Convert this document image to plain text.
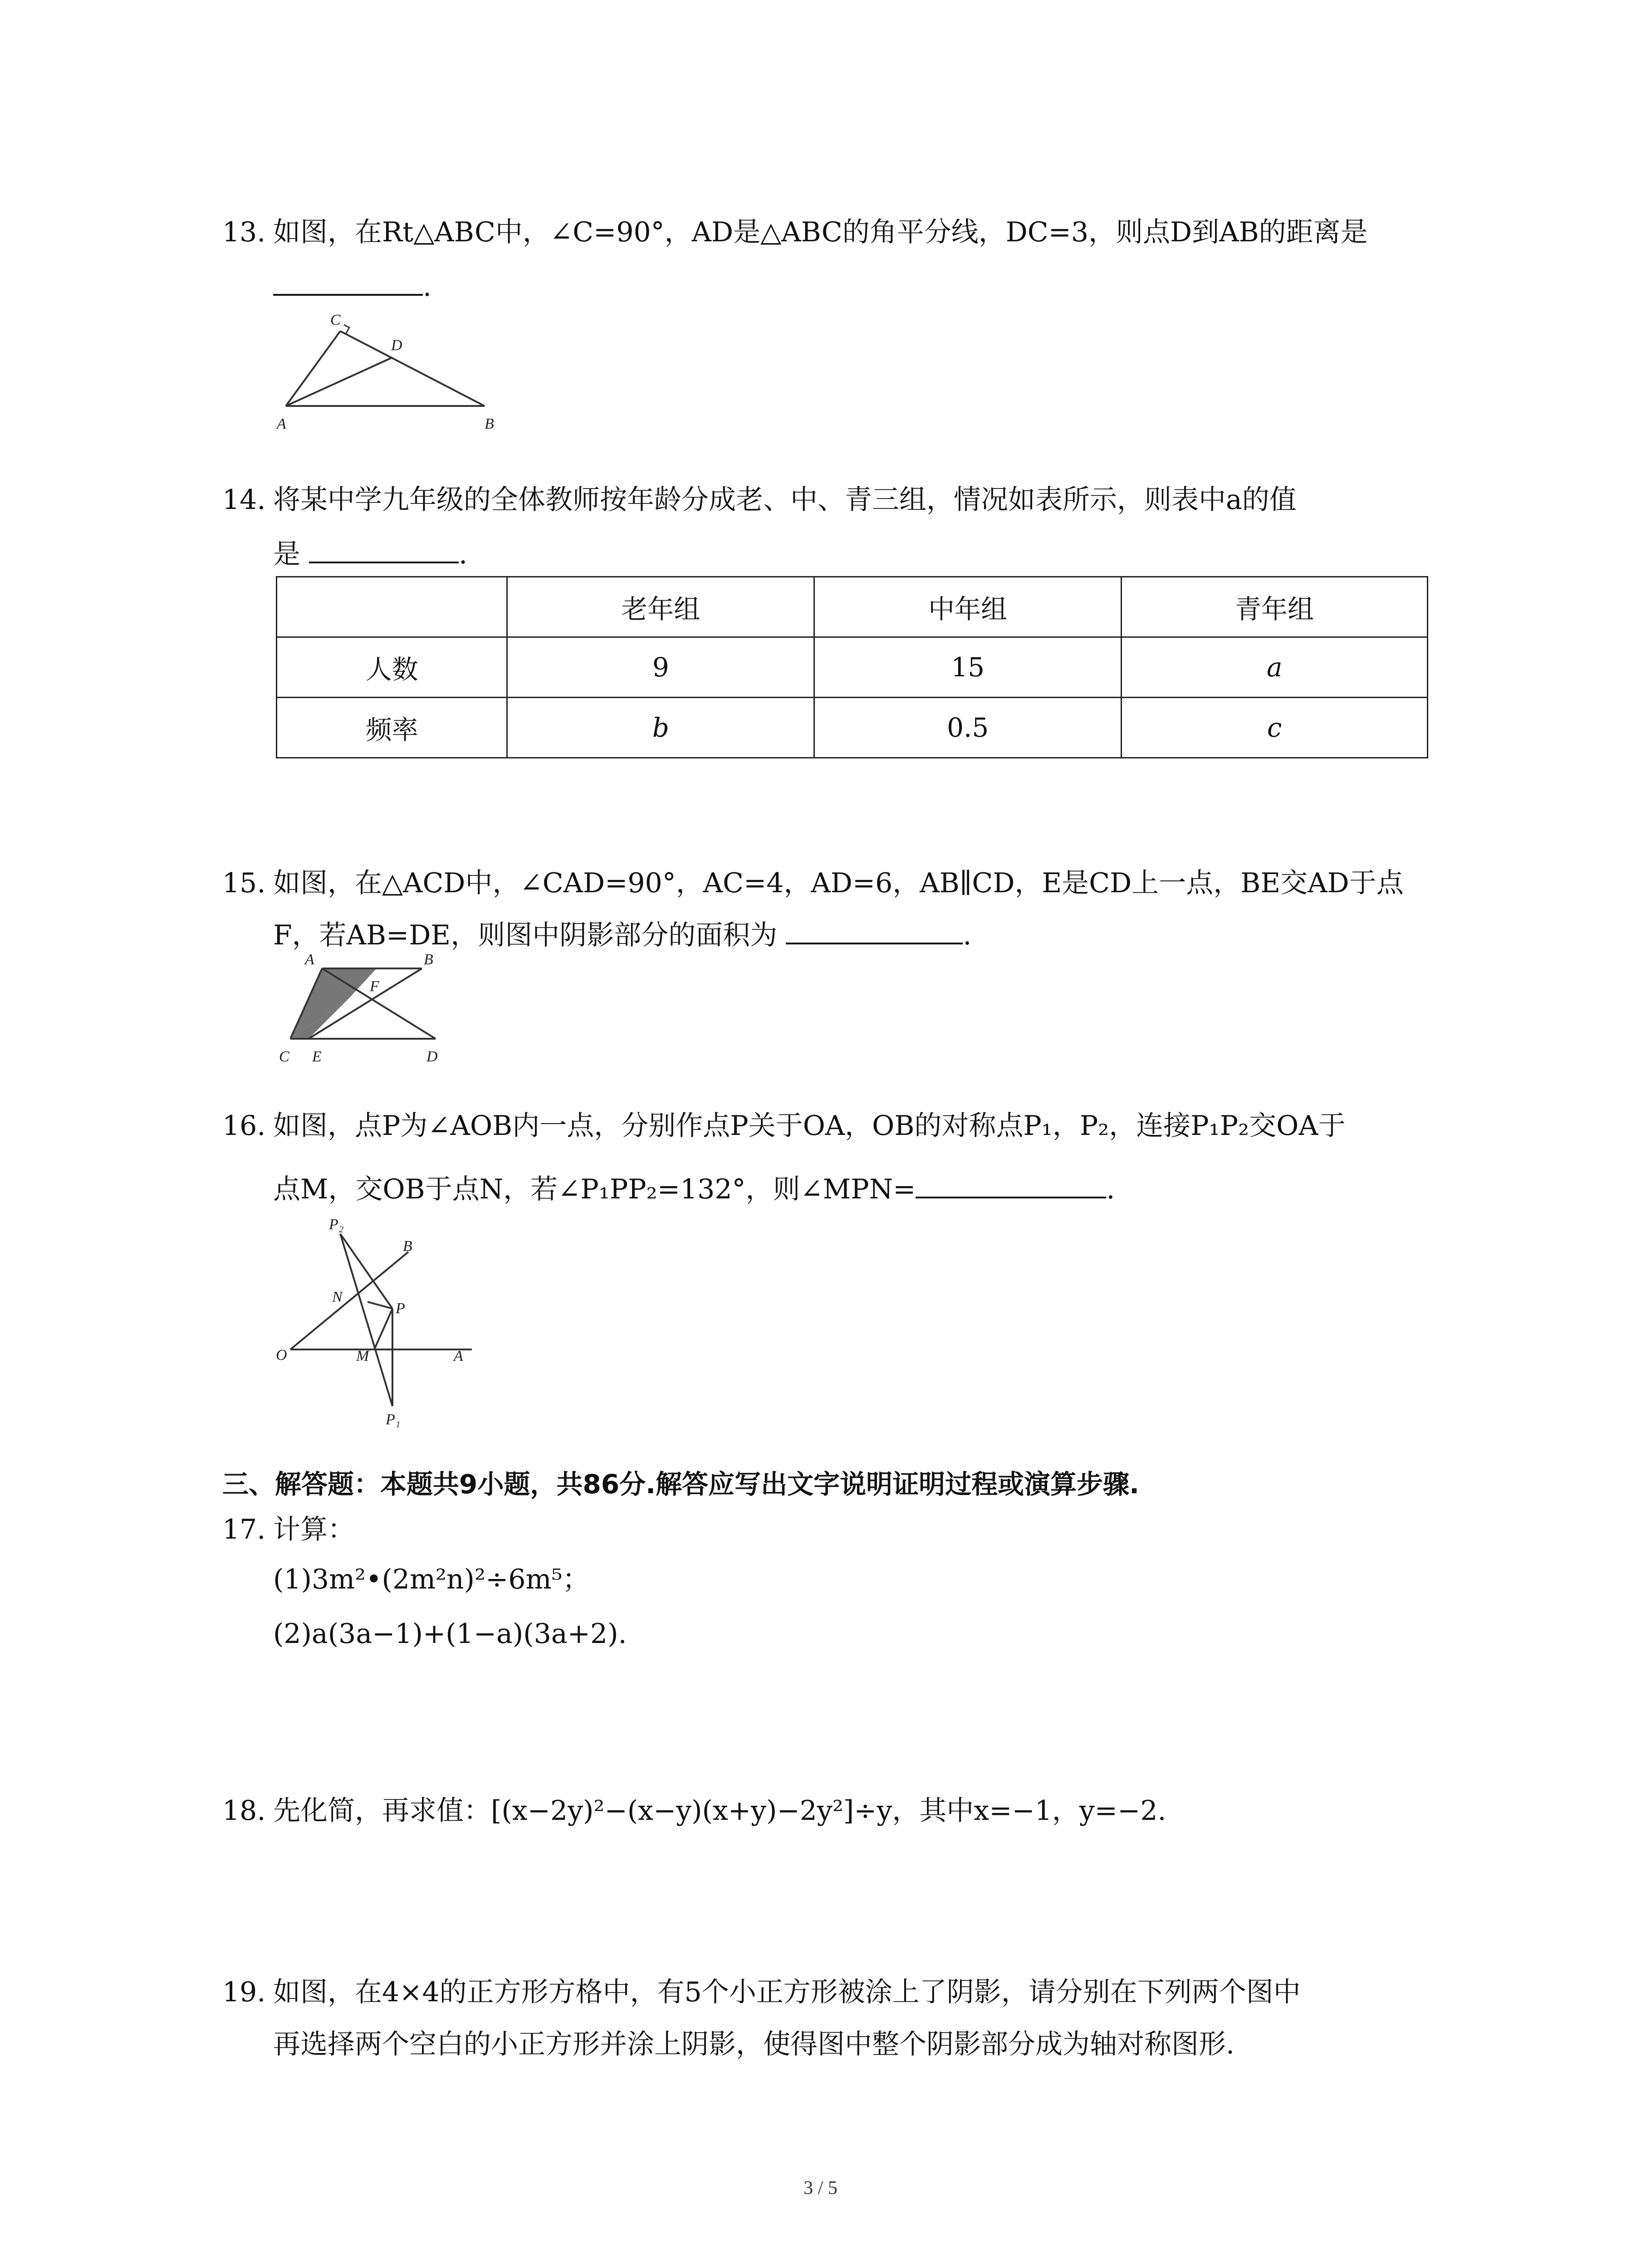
13. 如图，在Rt△ABC中，∠C=90°，AD是△ABC的角平分线，DC=3，则点D到AB的距离是
.
C
D
A	B
14. 将某中学九年级的全体教师按年龄分成老、中、青三组，情况如表所示，则表中a的值
是	.
	老年组	中年组	青年组
人数	9	15	a
频率	b	0.5	c
15. 如图，在△ACD中，∠CAD=90°，AC=4，AD=6，AB∥CD，E是CD上一点，BE交AD于点
F，若AB=DE，则图中阴影部分的面积为	.
A	B
F
C E	D
16. 如图，点P为∠AOB内一点，分别作点P关于OA，OB的对称点P₁，P₂，连接P₁P₂交OA于
点M，交OB于点N，若∠P₁PP₂=132°，则∠MPN=	.
P₂
B
N
P
O	M	A
P₁
三、解答题：本题共9小题，共86分.解答应写出文字说明证明过程或演算步骤.
17. 计算：
(1)3m²•(2m²n)²÷6m⁵；
(2)a(3a−1)+(1−a)(3a+2).
18. 先化简，再求值：[(x−2y)²−(x−y)(x+y)−2y²]÷y，其中x=−1，y=−2.
19. 如图，在4×4的正方形方格中，有5个小正方形被涂上了阴影，请分别在下列两个图中
再选择两个空白的小正方形并涂上阴影，使得图中整个阴影部分成为轴对称图形.
3 / 5
